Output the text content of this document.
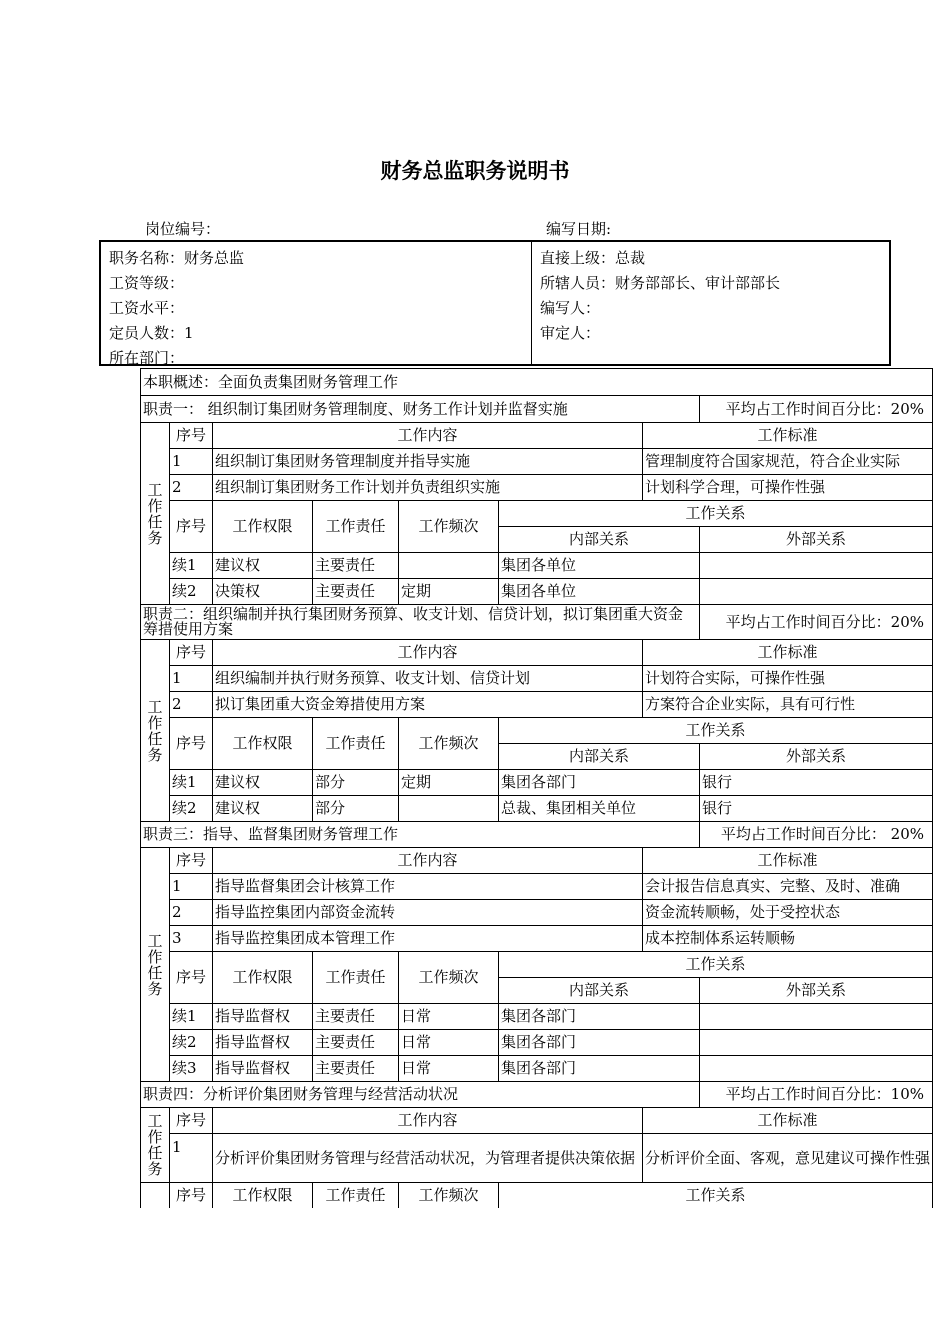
财务总监职务说明书
岗位编号：	编写日期:
职务名称：财务总监
工资等级：
工资水平：
定员人数：1
所在部门：
直接上级：总裁
所辖人员：财务部部长、审计部部长
编写人：
审定人：
本职概述：全面负责集团财务管理工作							
职责一： 组织制订集团财务管理制度、财务工作计划并监督实施							平均占工作时间百分比：20%
工
作
任
务	序号	工作内容				工作标准	
	1	组织制订集团财务管理制度并指导实施				管理制度符合国家规范，符合企业实际	
	2	组织制订集团财务工作计划并负责组织实施				计划科学合理，可操作性强	
	序号	工作权限	工作责任	工作频次	工作关系		
					内部关系		外部关系
	续1	建议权	主要责任		集团各单位		
	续2	决策权	主要责任	定期	集团各单位		
职责二：组织编制并执行集团财务预算、收支计划、信贷计划，拟订集团重大资金筹措使用方案							平均占工作时间百分比：20%
工
作
任
务	序号	工作内容				工作标准	
	1	组织编制并执行财务预算、收支计划、信贷计划				计划符合实际，可操作性强	
	2	拟订集团重大资金筹措使用方案				方案符合企业实际，具有可行性	
	序号	工作权限	工作责任	工作频次	工作关系		
					内部关系		外部关系
	续1	建议权	部分	定期	集团各部门		银行
	续2	建议权	部分		总裁、集团相关单位		银行
职责三：指导、监督集团财务管理工作							平均占工作时间百分比： 20%
工
作
任
务	序号	工作内容				工作标准	
	1	指导监督集团会计核算工作				会计报告信息真实、完整、及时、准确	
	2	指导监控集团内部资金流转				资金流转顺畅，处于受控状态	
	3	指导监控集团成本管理工作				成本控制体系运转顺畅	
	序号	工作权限	工作责任	工作频次	工作关系		
					内部关系		外部关系
	续1	指导监督权	主要责任	日常	集团各部门		
	续2	指导监督权	主要责任	日常	集团各部门		
	续3	指导监督权	主要责任	日常	集团各部门		
职责四：分析评价集团财务管理与经营活动状况							平均占工作时间百分比：10%
工
作
任
务	序号	工作内容				工作标准	
	1	分析评价集团财务管理与经营活动状况，为管理者提供决策依据				分析评价全面、客观，意见建议可操作性强	
	序号	工作权限	工作责任	工作频次	工作关系		
